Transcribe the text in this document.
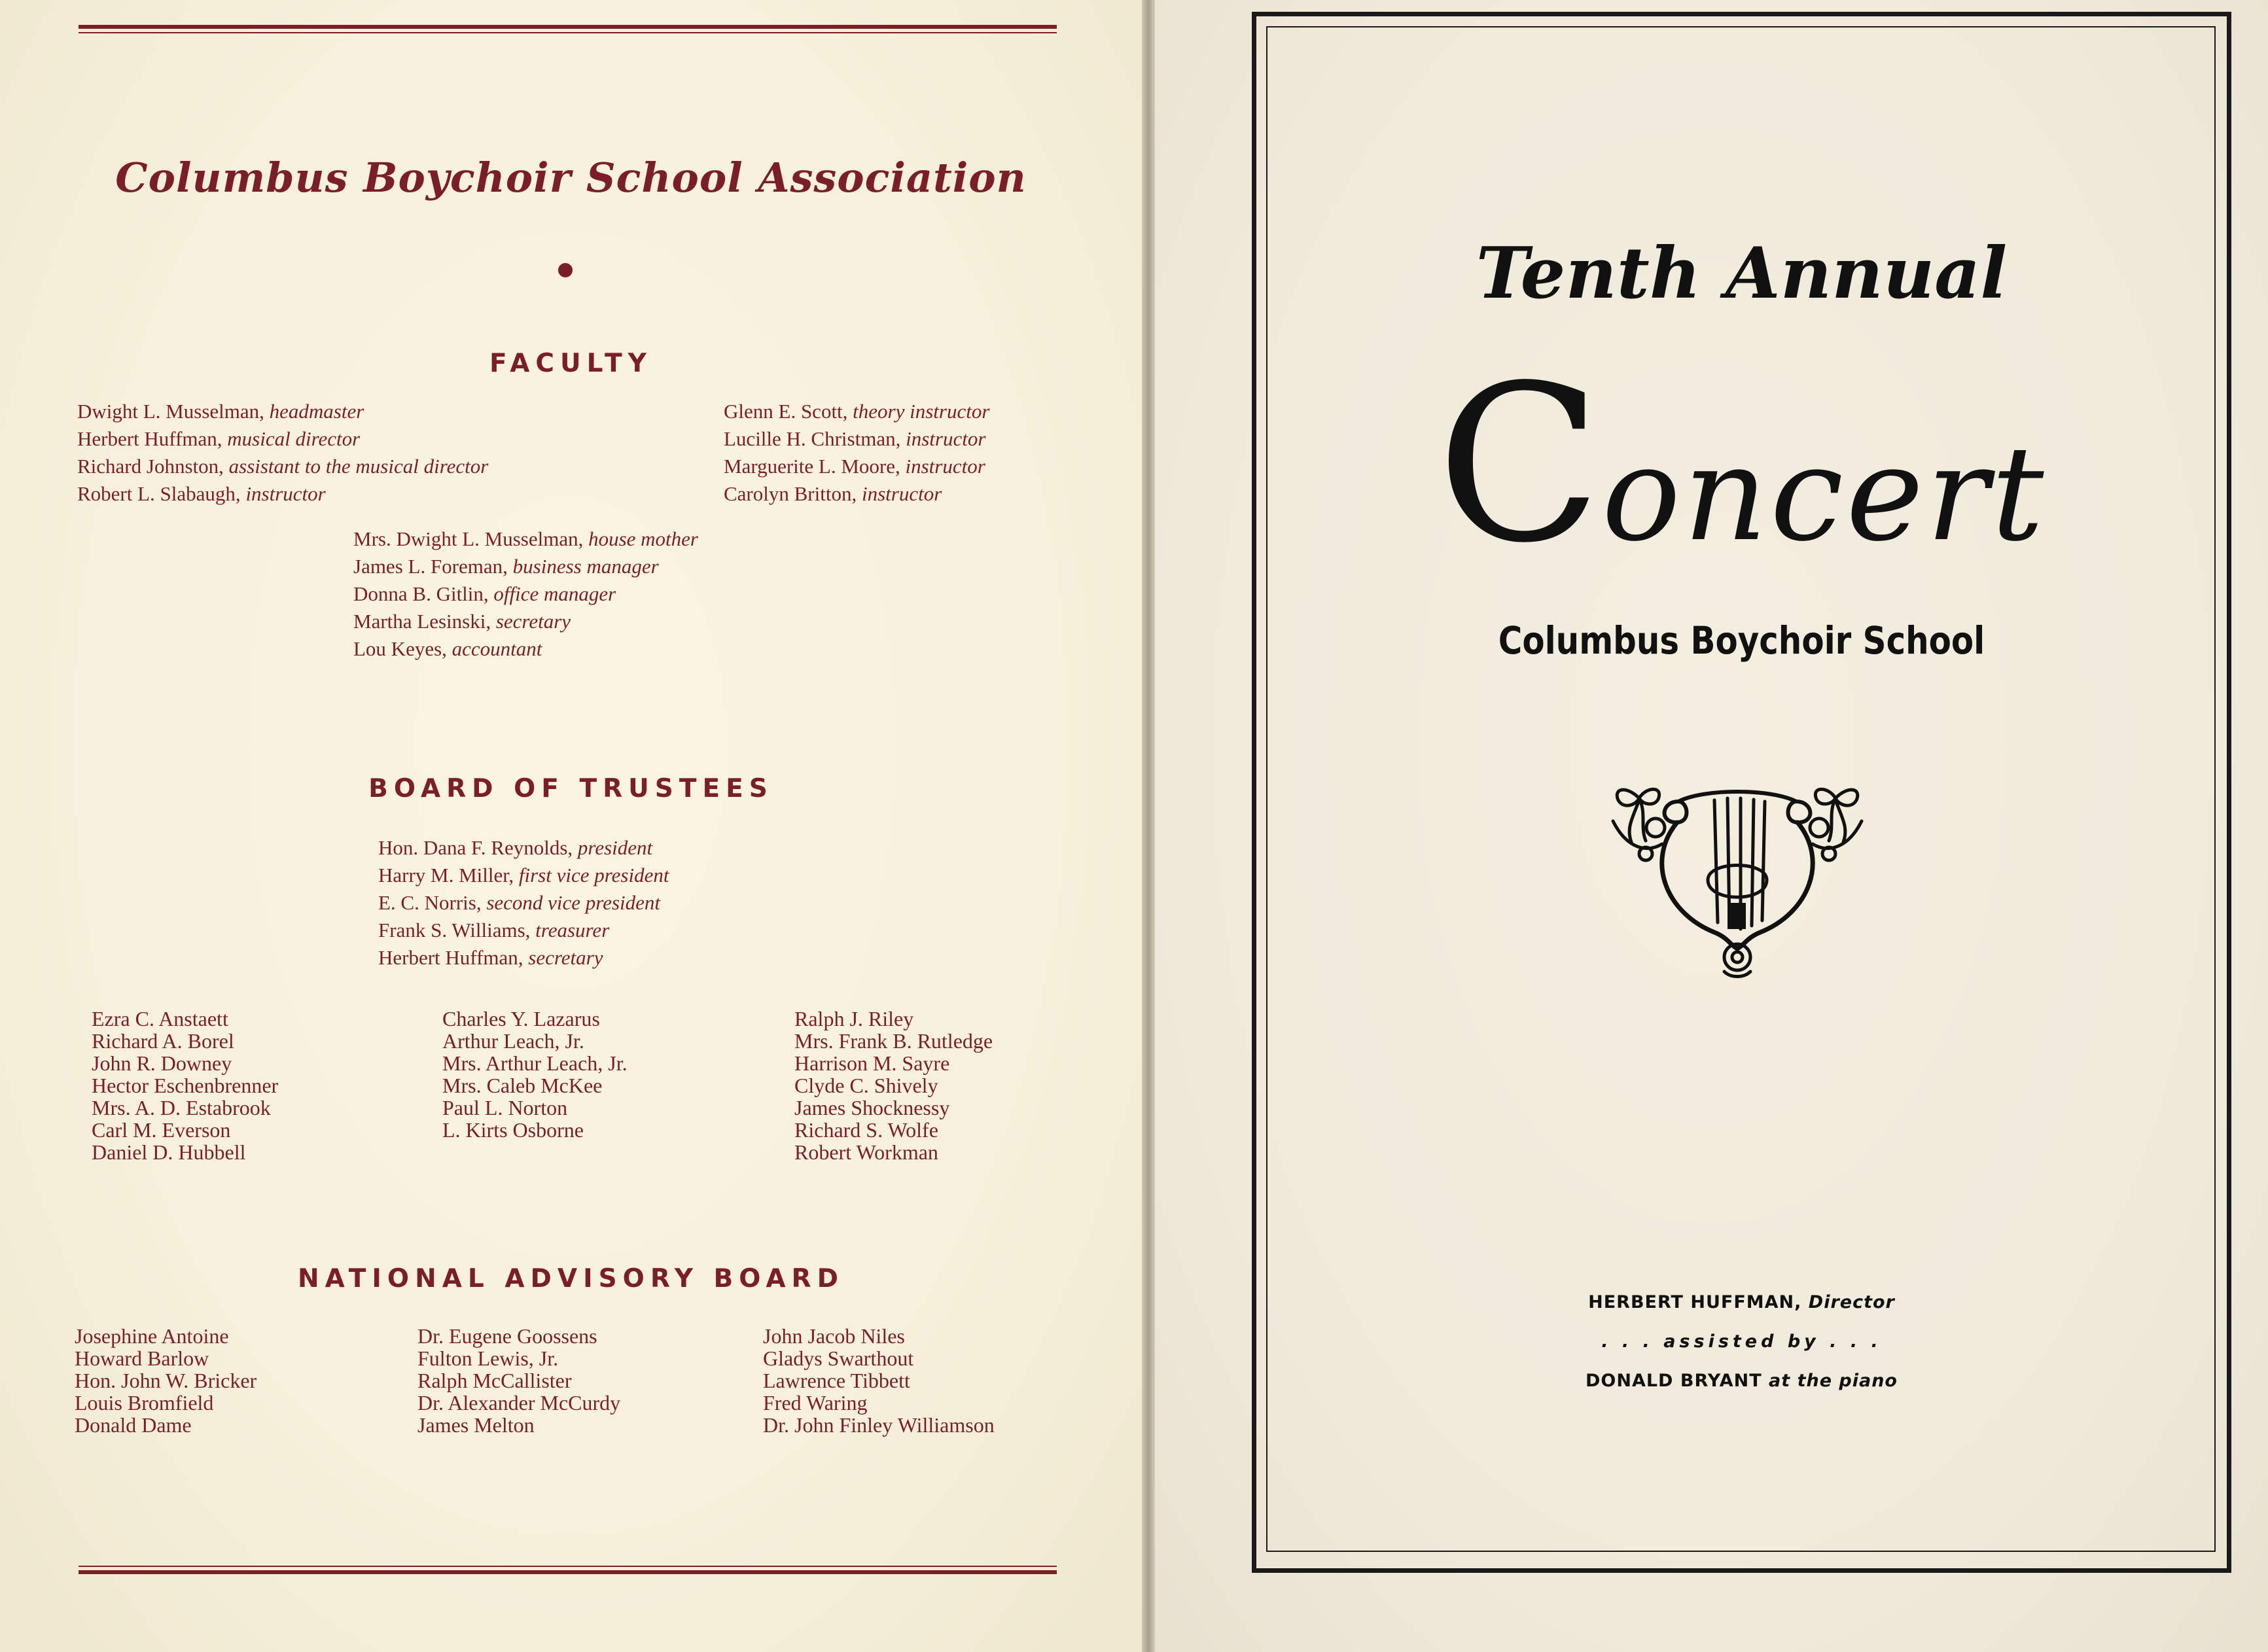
Columbus Boychoir School Association
FACULTY
Dwight L. Musselman, headmaster
Herbert Huffman, musical director
Richard Johnston, assistant to the musical director
Robert L. Slabaugh, instructor
Glenn E. Scott, theory instructor
Lucille H. Christman, instructor
Marguerite L. Moore, instructor
Carolyn Britton, instructor
Mrs. Dwight L. Musselman, house mother
James L. Foreman, business manager
Donna B. Gitlin, office manager
Martha Lesinski, secretary
Lou Keyes, accountant
BOARD OF TRUSTEES
Hon. Dana F. Reynolds, president
Harry M. Miller, first vice president
E. C. Norris, second vice president
Frank S. Williams, treasurer
Herbert Huffman, secretary
Ezra C. Anstaett
Richard A. Borel
John R. Downey
Hector Eschenbrenner
Mrs. A. D. Estabrook
Carl M. Everson
Daniel D. Hubbell
Charles Y. Lazarus
Arthur Leach, Jr.
Mrs. Arthur Leach, Jr.
Mrs. Caleb McKee
Paul L. Norton
L. Kirts Osborne
Ralph J. Riley
Mrs. Frank B. Rutledge
Harrison M. Sayre
Clyde C. Shively
James Shocknessy
Richard S. Wolfe
Robert Workman
NATIONAL ADVISORY BOARD
Josephine Antoine
Howard Barlow
Hon. John W. Bricker
Louis Bromfield
Donald Dame
Dr. Eugene Goossens
Fulton Lewis, Jr.
Ralph McCallister
Dr. Alexander McCurdy
James Melton
John Jacob Niles
Gladys Swarthout
Lawrence Tibbett
Fred Waring
Dr. John Finley Williamson
Tenth Annual
Concert
Columbus Boychoir School
HERBERT HUFFMAN, Director
. . . assisted by . . .
DONALD BRYANT at the piano
